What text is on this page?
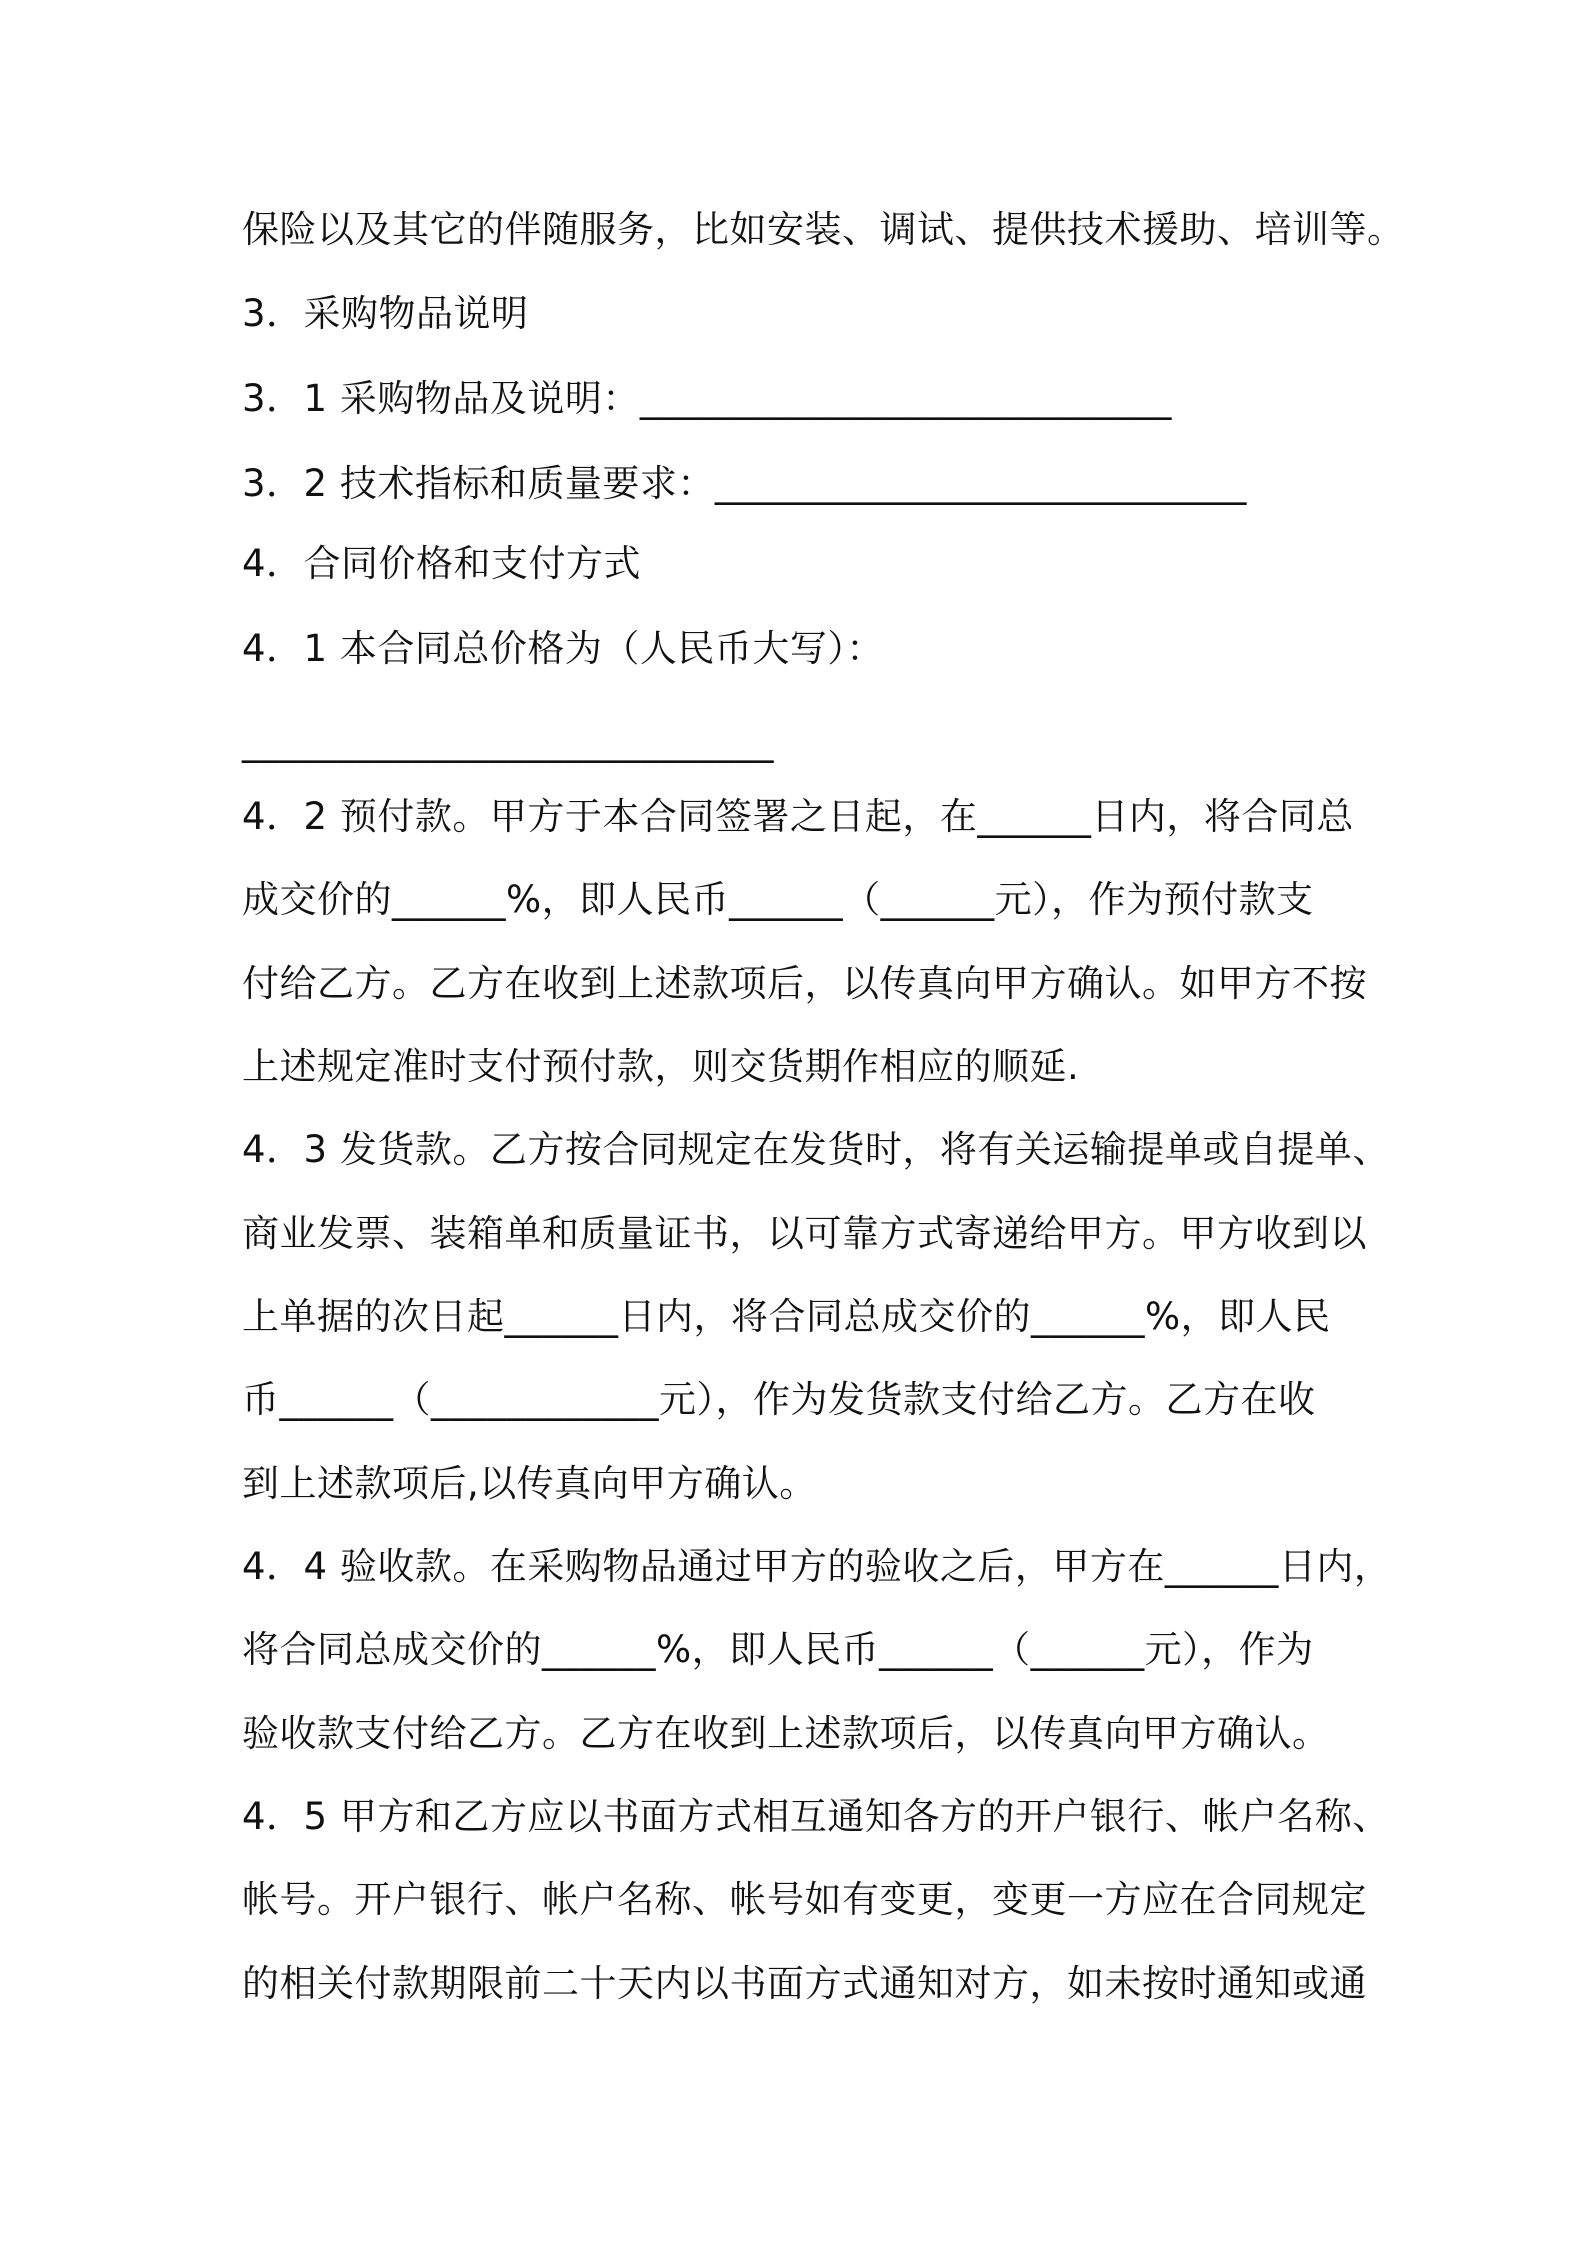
保险以及其它的伴随服务，比如安装、调试、提供技术援助、培训等。
3．采购物品说明
3．1 采购物品及说明：____________________________
3．2 技术指标和质量要求：____________________________
4．合同价格和支付方式
4．1 本合同总价格为（人民币大写）：
____________________________
4．2 预付款。甲方于本合同签署之日起，在______日内，将合同总
成交价的______%，即人民币______（______元），作为预付款支
付给乙方。乙方在收到上述款项后，以传真向甲方确认。如甲方不按
上述规定准时支付预付款，则交货期作相应的顺延.
4．3 发货款。乙方按合同规定在发货时，将有关运输提单或自提单、
商业发票、装箱单和质量证书，以可靠方式寄递给甲方。甲方收到以
上单据的次日起______日内，将合同总成交价的______%，即人民
币______（____________元），作为发货款支付给乙方。乙方在收
到上述款项后,以传真向甲方确认。
4．4 验收款。在采购物品通过甲方的验收之后，甲方在______日内，
将合同总成交价的______%，即人民币______（______元），作为
验收款支付给乙方。乙方在收到上述款项后，以传真向甲方确认。
4．5 甲方和乙方应以书面方式相互通知各方的开户银行、帐户名称、
帐号。开户银行、帐户名称、帐号如有变更，变更一方应在合同规定
的相关付款期限前二十天内以书面方式通知对方，如未按时通知或通
